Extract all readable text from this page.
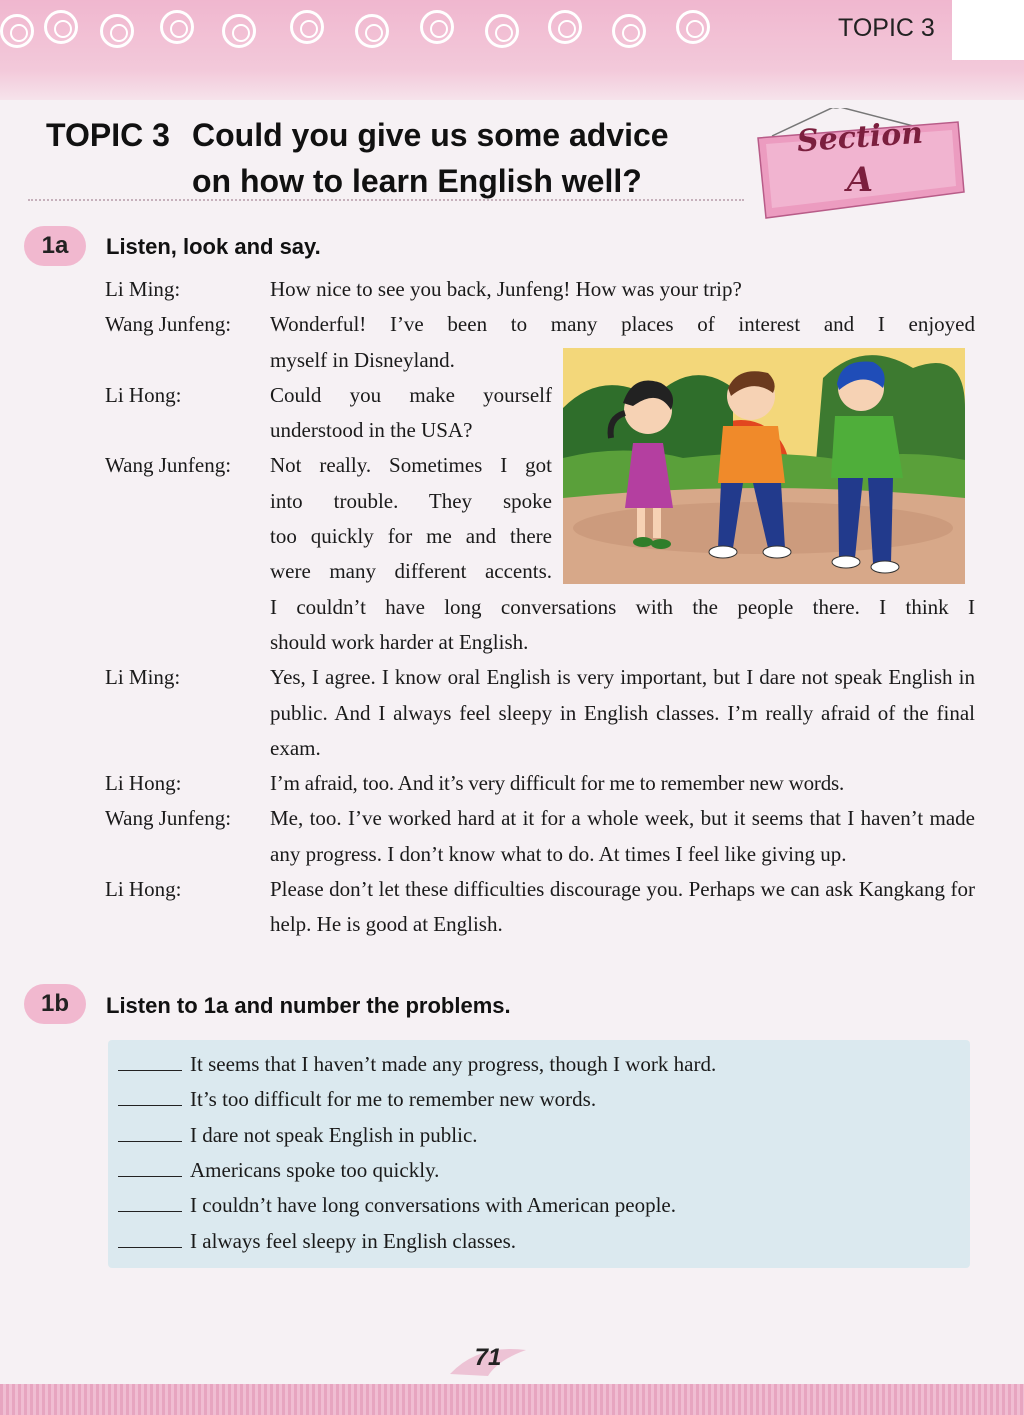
TOPIC 3
TOPIC 3 Could you give us some advice
on how to learn English well?
Section
A
1a	Listen, look and say.
Li Ming:	How nice to see you back, Junfeng! How was your trip?
Wang Junfeng:	Wonderful! I’ve been to many places of interest and I enjoyed
myself in Disneyland.
Li Hong:	Could you make yourself
understood in the USA?
Wang Junfeng:	Not really. Sometimes I got
into trouble. They spoke
too quickly for me and there
were many different accents.
I couldn’t have long conversations with the people there. I think I
should work harder at English.
Li Ming:	Yes, I agree. I know oral English is very important, but I dare not speak English in public. And I always feel sleepy in English classes. I’m really afraid of the final exam.
Li Hong:	I’m afraid, too. And it’s very difficult for me to remember new words.
Wang Junfeng:	Me, too. I’ve worked hard at it for a whole week, but it seems that I haven’t made any progress. I don’t know what to do. At times I feel like giving up.
Li Hong:	Please don’t let these difficulties discourage you. Perhaps we can ask Kangkang for help. He is good at English.
1b	Listen to 1a and number the problems.
It seems that I haven’t made any progress, though I work hard.
It’s too difficult for me to remember new words.
I dare not speak English in public.
Americans spoke too quickly.
I couldn’t have long conversations with American people.
I always feel sleepy in English classes.
71
